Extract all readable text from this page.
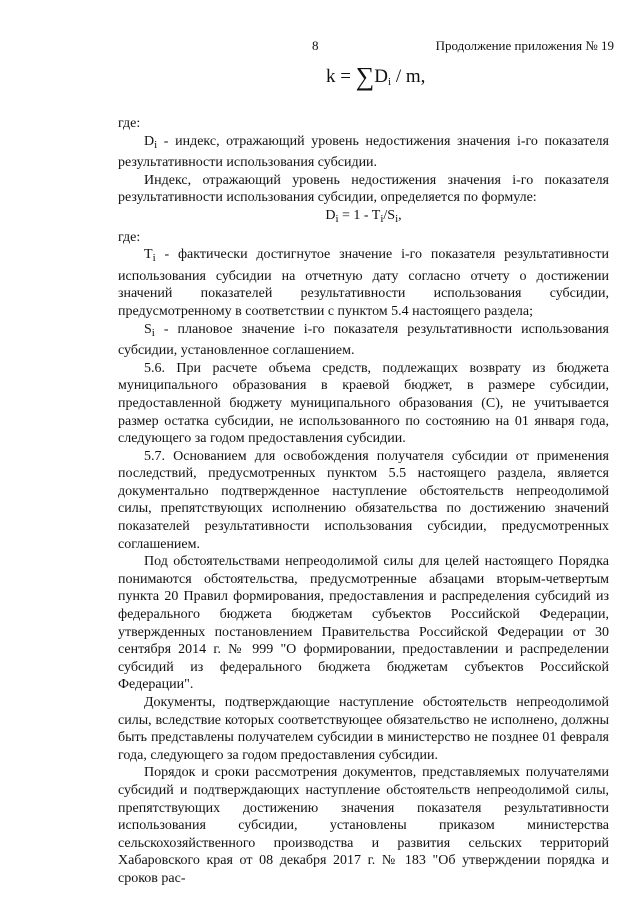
8	Продолжение приложения № 19
$k = \sum D_i / m$,

где:

$D_i$ - индекс, отражающий уровень недостижения значения i-го показателя результативности использования субсидии.

Индекс, отражающий уровень недостижения значения i-го показателя результативности использования субсидии, определяется по формуле:

$D_i = 1 - T_i/S_i$,

где:

$T_i$ - фактически достигнутое значение i-го показателя результативности использования субсидии на отчетную дату согласно отчету о достижении значений показателей результативности использования субсидии, предусмотренному в соответствии с пунктом 5.4 настоящего раздела;

$S_i$ - плановое значение i-го показателя результативности использования субсидии, установленное соглашением.

5.6. При расчете объема средств, подлежащих возврату из бюджета муниципального образования в краевой бюджет, в размере субсидии, предоставленной бюджету муниципального образования (С), не учитывается размер остатка субсидии, не использованного по состоянию на 01 января года, следующего за годом предоставления субсидии.

5.7. Основанием для освобождения получателя субсидии от применения последствий, предусмотренных пунктом 5.5 настоящего раздела, является документально подтвержденное наступление обстоятельств непреодолимой силы, препятствующих исполнению обязательства по достижению значений показателей результативности использования субсидии, предусмотренных соглашением.

Под обстоятельствами непреодолимой силы для целей настоящего Порядка понимаются обстоятельства, предусмотренные абзацами вторым-четвертым пункта 20 Правил формирования, предоставления и распределения субсидий из федерального бюджета бюджетам субъектов Российской Федерации, утвержденных постановлением Правительства Российской Федерации от 30 сентября 2014 г. № 999 "О формировании, предоставлении и распределении субсидий из федерального бюджета бюджетам субъектов Российской Федерации".

Документы, подтверждающие наступление обстоятельств непреодолимой силы, вследствие которых соответствующее обязательство не исполнено, должны быть представлены получателем субсидии в министерство не позднее 01 февраля года, следующего за годом предоставления субсидии.

Порядок и сроки рассмотрения документов, представляемых получателями субсидий и подтверждающих наступление обстоятельств непреодолимой силы, препятствующих достижению значения показателя результативности использования субсидии, установлены приказом министерства сельскохозяйственного производства и развития сельских территорий Хабаровского края от 08 декабря 2017 г. № 183 "Об утверждении порядка и сроков рас-
